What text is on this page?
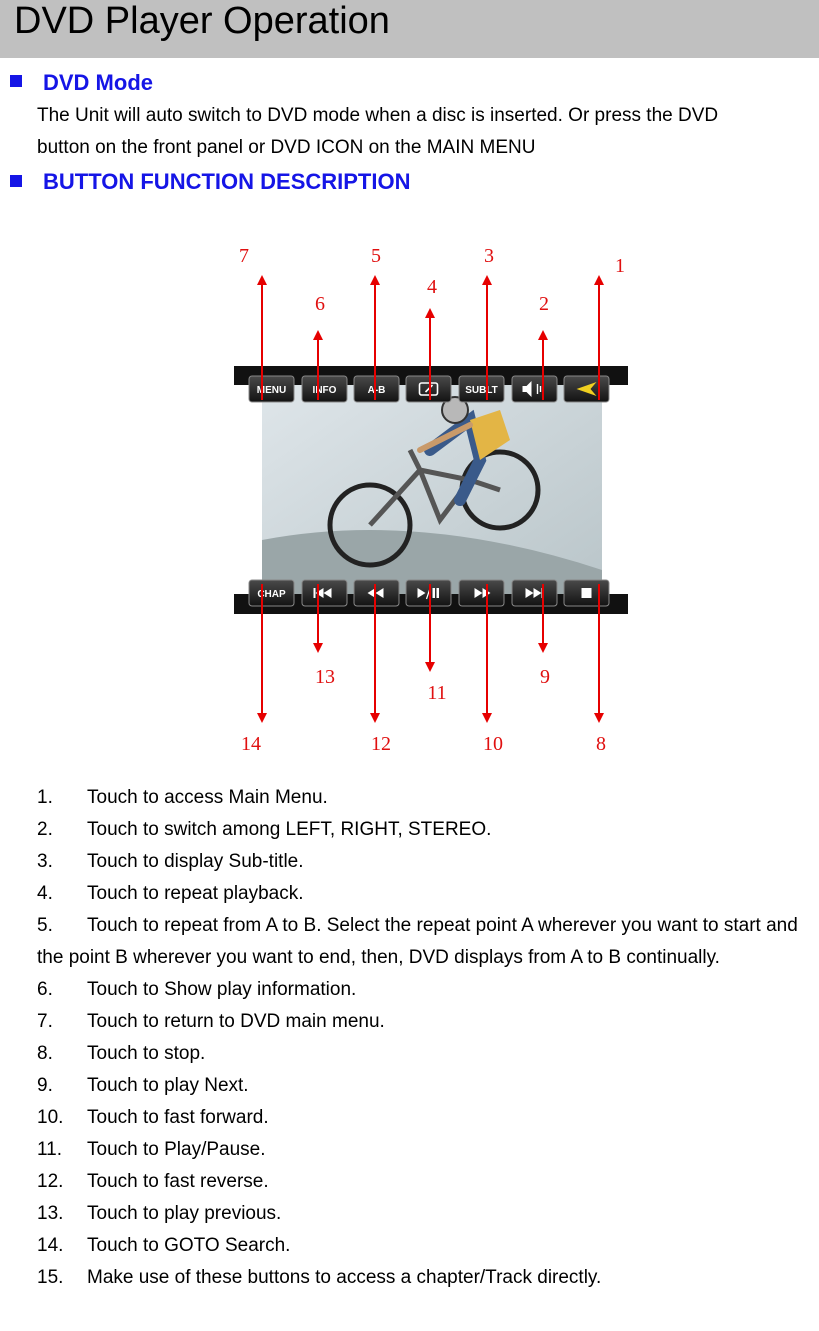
DVD Player Operation
DVD Mode
The Unit will auto switch to DVD mode when a disc is inserted. Or press the DVD
button on the front panel or DVD ICON on the MAIN MENU
BUTTON FUNCTION DESCRIPTION
MENU	INFO	A-B	SUBLT
CHAP
7
6
5
4
3
2
1
14
13
12
11
10
9
8
1.	Touch to access Main Menu.
2.	Touch to switch among LEFT, RIGHT, STEREO.
3.	Touch to display Sub-title.
4.	Touch to repeat playback.
5.	Touch to repeat from A to B. Select the repeat point A wherever you want to start and the point B wherever you want to end, then, DVD displays from A to B continually.
6.	Touch to Show play information.
7.	Touch to return to DVD main menu.
8.	Touch to stop.
9.	Touch to play Next.
10.	Touch to fast forward.
11.	Touch to Play/Pause.
12.	Touch to fast reverse.
13.	Touch to play previous.
14.	Touch to GOTO Search.
15.	Make use of these buttons to access a chapter/Track directly.
